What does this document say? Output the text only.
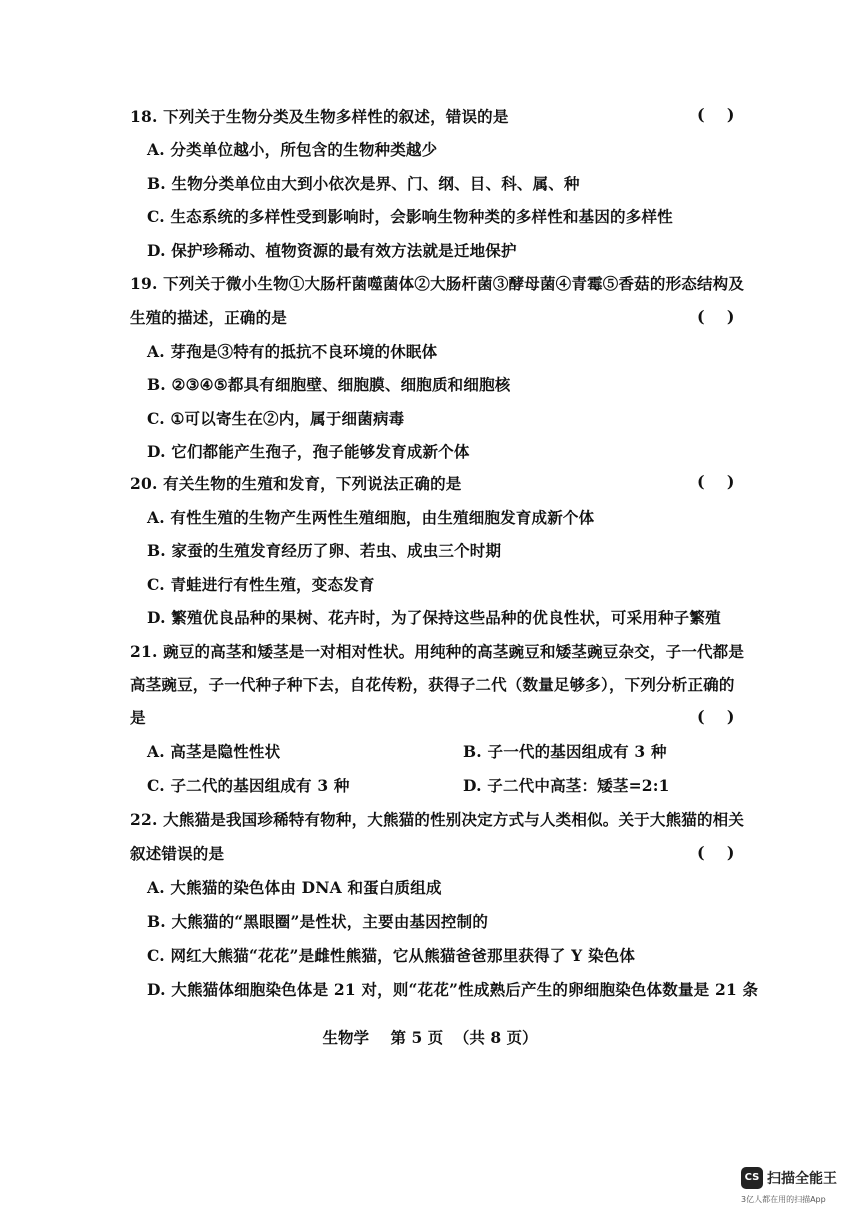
18. 下列关于生物分类及生物多样性的叙述，错误的是	(    )
A. 分类单位越小，所包含的生物种类越少
B. 生物分类单位由大到小依次是界、门、纲、目、科、属、种
C. 生态系统的多样性受到影响时，会影响生物种类的多样性和基因的多样性
D. 保护珍稀动、植物资源的最有效方法就是迁地保护
19. 下列关于微小生物①大肠杆菌噬菌体②大肠杆菌③酵母菌④青霉⑤香菇的形态结构及
生殖的描述，正确的是	(    )
A. 芽孢是③特有的抵抗不良环境的休眠体
B. ②③④⑤都具有细胞壁、细胞膜、细胞质和细胞核
C. ①可以寄生在②内，属于细菌病毒
D. 它们都能产生孢子，孢子能够发育成新个体
20. 有关生物的生殖和发育，下列说法正确的是	(    )
A. 有性生殖的生物产生两性生殖细胞，由生殖细胞发育成新个体
B. 家蚕的生殖发育经历了卵、若虫、成虫三个时期
C. 青蛙进行有性生殖，变态发育
D. 繁殖优良品种的果树、花卉时，为了保持这些品种的优良性状，可采用种子繁殖
21. 豌豆的高茎和矮茎是一对相对性状。用纯种的高茎豌豆和矮茎豌豆杂交，子一代都是
高茎豌豆，子一代种子种下去，自花传粉，获得子二代（数量足够多），下列分析正确的
是	(    )
A. 高茎是隐性性状	B. 子一代的基因组成有 3 种
C. 子二代的基因组成有 3 种	D. 子二代中高茎：矮茎=2:1
22. 大熊猫是我国珍稀特有物种，大熊猫的性别决定方式与人类相似。关于大熊猫的相关
叙述错误的是	(    )
A. 大熊猫的染色体由 DNA 和蛋白质组成
B. 大熊猫的“黑眼圈”是性状，主要由基因控制的
C. 网红大熊猫“花花”是雌性熊猫，它从熊猫爸爸那里获得了 Y 染色体
D. 大熊猫体细胞染色体是 21 对，则“花花”性成熟后产生的卵细胞染色体数量是 21 条
生物学    第 5 页  （共 8 页）
CS 扫描全能王
3亿人都在用的扫描App
